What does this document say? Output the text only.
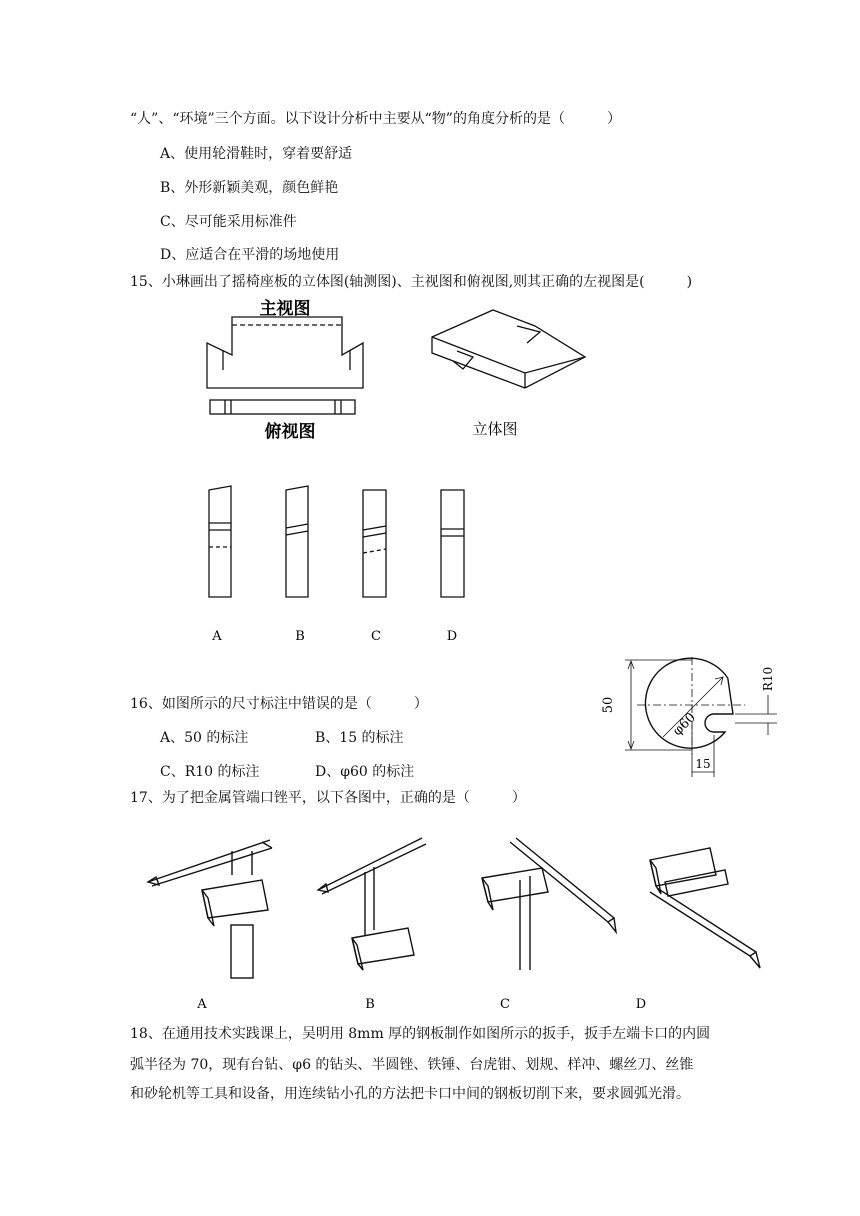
“人”、“环境”三个方面。以下设计分析中主要从“物”的角度分析的是（　　　）
A、使用轮滑鞋时，穿着要舒适
B、外形新颖美观，颜色鲜艳
C、尽可能采用标准件
D、应适合在平滑的场地使用
15、小琳画出了摇椅座板的立体图(轴测图)、主视图和俯视图,则其正确的左视图是(　　　)
主视图
俯视图	立体图
A	B	C	D
16、如图所示的尺寸标注中错误的是（　　　）
A、50 的标注	B、15 的标注
C、R10 的标注	D、φ60 的标注
50
15
R10
φ60
17、为了把金属管端口锉平，以下各图中，正确的是（　　　）
A	B	C	D
18、在通用技术实践课上，吴明用 8mm 厚的钢板制作如图所示的扳手，扳手左端卡口的内圆
弧半径为 70，现有台钻、φ6 的钻头、半圆锉、铁锤、台虎钳、划规、样冲、螺丝刀、丝锥
和砂轮机等工具和设备，用连续钻小孔的方法把卡口中间的钢板切削下来，要求圆弧光滑。
